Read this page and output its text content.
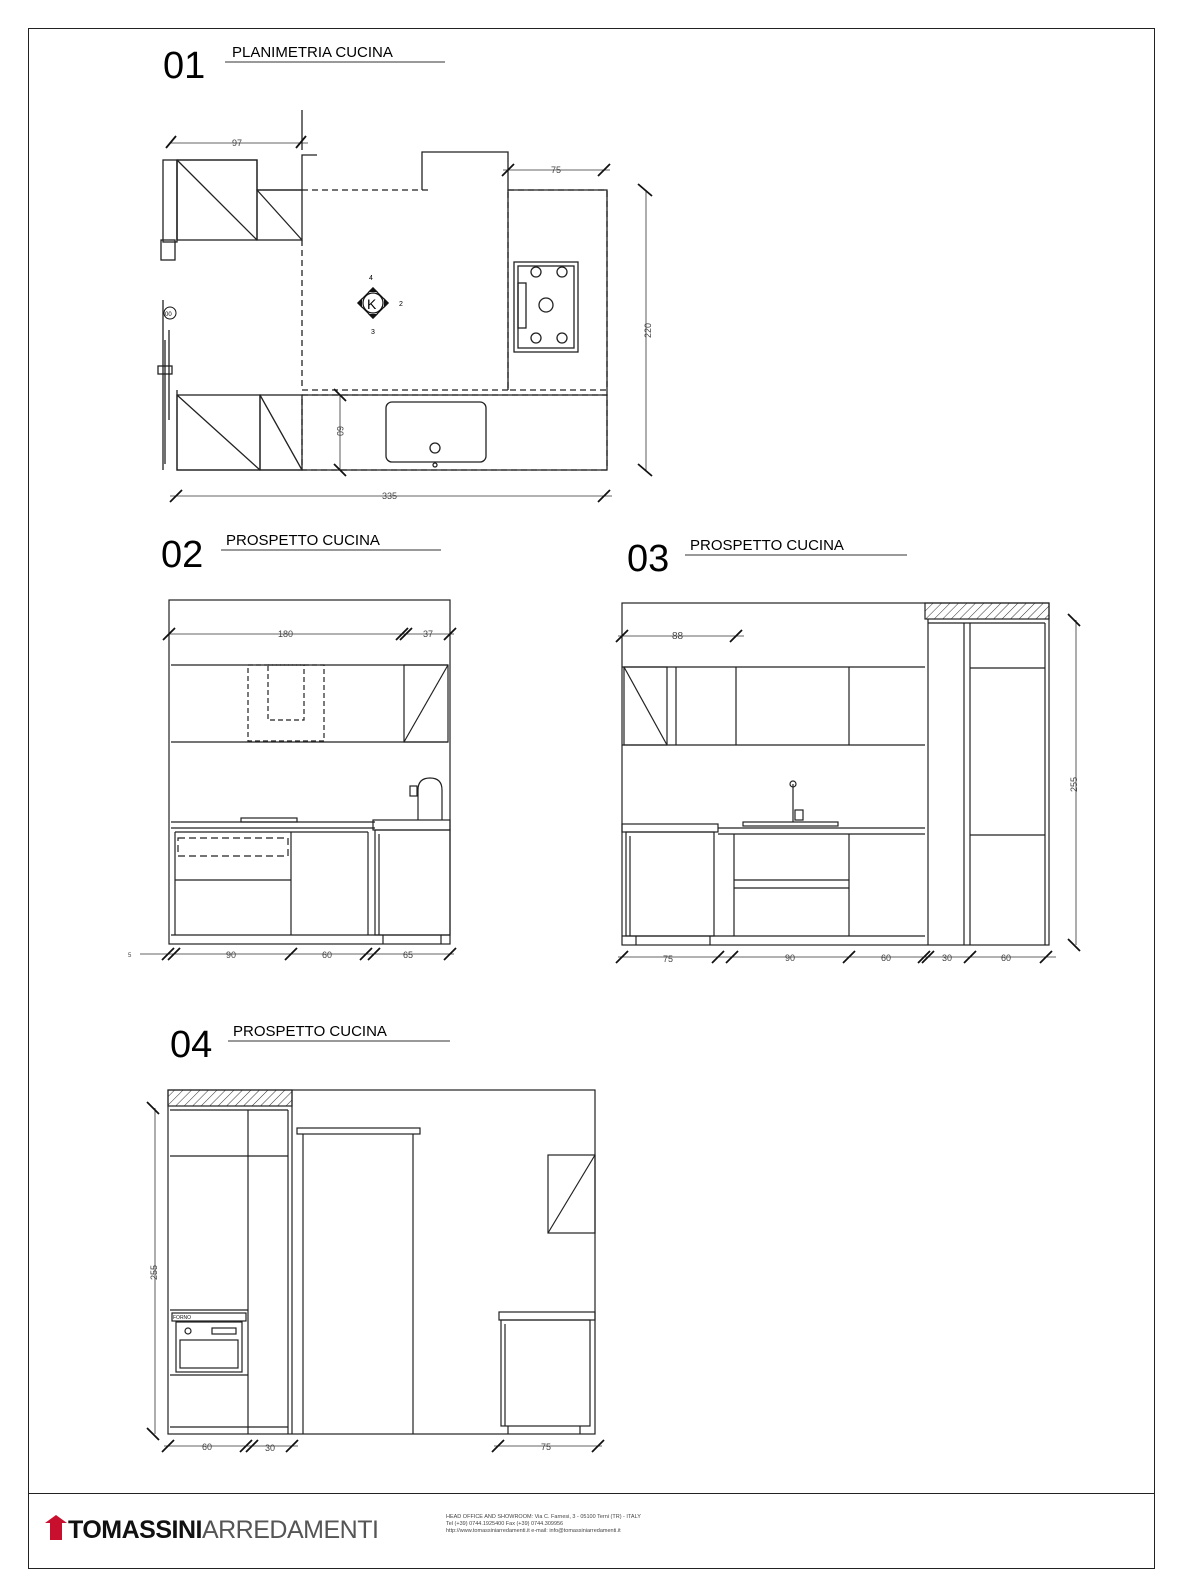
01 PLANIMETRIA CUCINA
97
75
220
335
60
K	2
3
4
00
02 PROSPETTO CUCINA
180	37
90	60	65
5
03 PROSPETTO CUCINA
88
255
75	90	60	30	60
04 PROSPETTO CUCINA
255
60	30	75
FORNO
TOMASSINI ARREDAMENTI	HEAD OFFICE AND SHOWROOM: Via C. Farnesi, 3 - 05100 Terni (TR) - ITALY
Tel (+39) 0744.1925400 Fax (+39) 0744.309956
http://www.tomassiniarredamenti.it e-mail: info@tomassiniarredamenti.it
